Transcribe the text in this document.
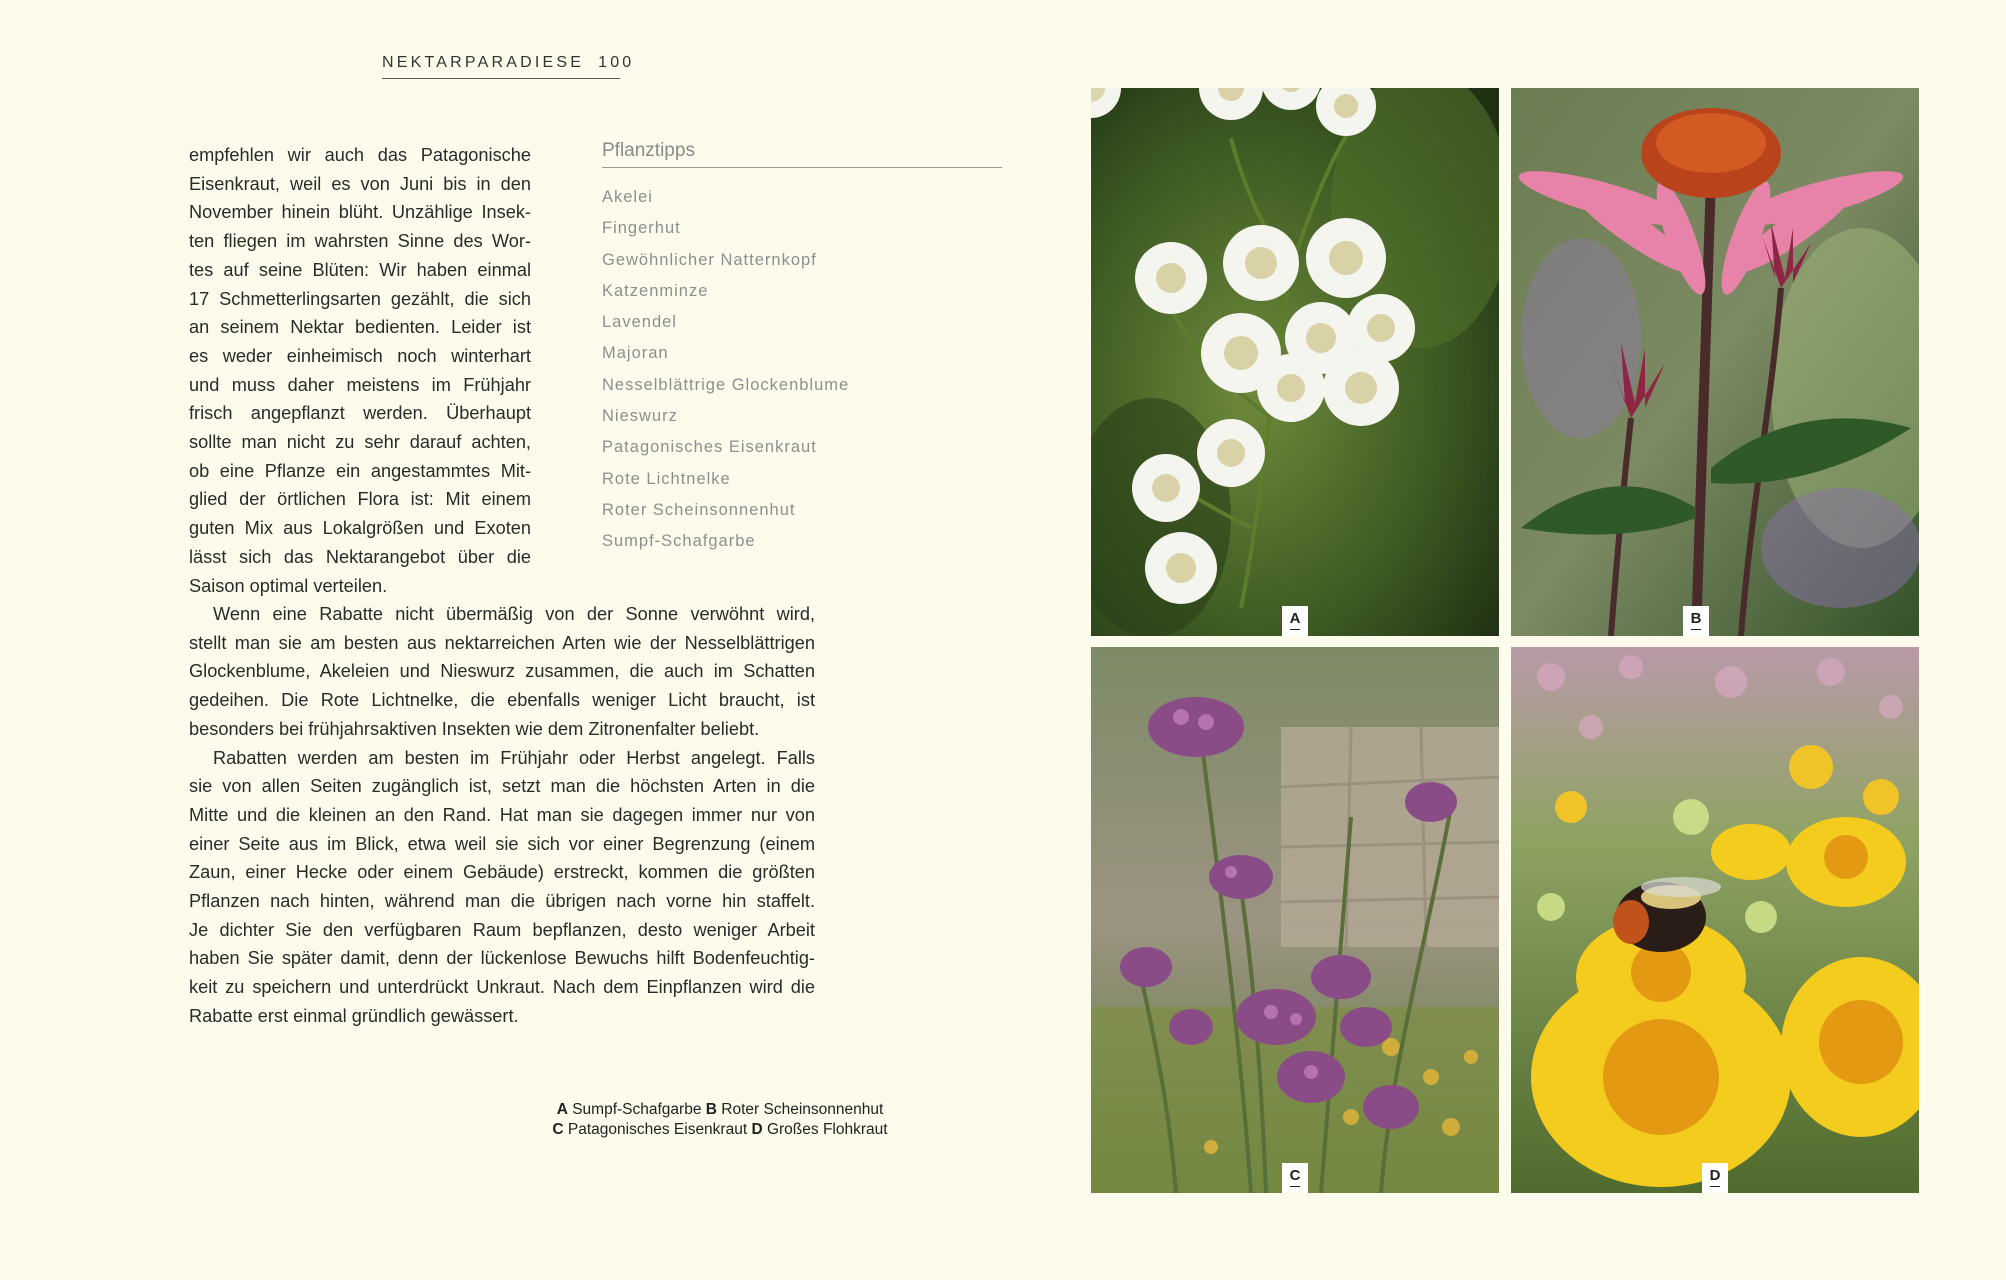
NEKTARPARADIESE 100
empfehlen wir auch das Patagonische
Eisenkraut, weil es von Juni bis in den
November hinein blüht. Unzählige Insek-
ten fliegen im wahrsten Sinne des Wor-
tes auf seine Blüten: Wir haben einmal
17 Schmetterlingsarten gezählt, die sich
an seinem Nektar bedienten. Leider ist
es weder einheimisch noch winterhart
und muss daher meistens im Frühjahr
frisch angepflanzt werden. Überhaupt
sollte man nicht zu sehr darauf achten,
ob eine Pflanze ein angestammtes Mit-
glied der örtlichen Flora ist: Mit einem
guten Mix aus Lokalgrößen und Exoten
lässt sich das Nektarangebot über die
Saison optimal verteilen.
Wenn eine Rabatte nicht übermäßig von der Sonne verwöhnt wird,
stellt man sie am besten aus nektarreichen Arten wie der Nesselblättrigen
Glockenblume, Akeleien und Nieswurz zusammen, die auch im Schatten
gedeihen. Die Rote Lichtnelke, die ebenfalls weniger Licht braucht, ist
besonders bei frühjahrsaktiven Insekten wie dem Zitronenfalter beliebt.
Rabatten werden am besten im Frühjahr oder Herbst angelegt. Falls
sie von allen Seiten zugänglich ist, setzt man die höchsten Arten in die
Mitte und die kleinen an den Rand. Hat man sie dagegen immer nur von
einer Seite aus im Blick, etwa weil sie sich vor einer Begrenzung (einem
Zaun, einer Hecke oder einem Gebäude) erstreckt, kommen die größten
Pflanzen nach hinten, während man die übrigen nach vorne hin staffelt.
Je dichter Sie den verfügbaren Raum bepflanzen, desto weniger Arbeit
haben Sie später damit, denn der lückenlose Bewuchs hilft Bodenfeuchtig-
keit zu speichern und unterdrückt Unkraut. Nach dem Einpflanzen wird die
Rabatte erst einmal gründlich gewässert.
Pflanztipps
Akelei
Fingerhut
Gewöhnlicher Natternkopf
Katzenminze
Lavendel
Majoran
Nesselblättrige Glockenblume
Nieswurz
Patagonisches Eisenkraut
Rote Lichtnelke
Roter Scheinsonnenhut
Sumpf-Schafgarbe
A Sumpf-Schafgarbe B Roter Scheinsonnenhut
C Patagonisches Eisenkraut D Großes Flohkraut
A	B
C	D
